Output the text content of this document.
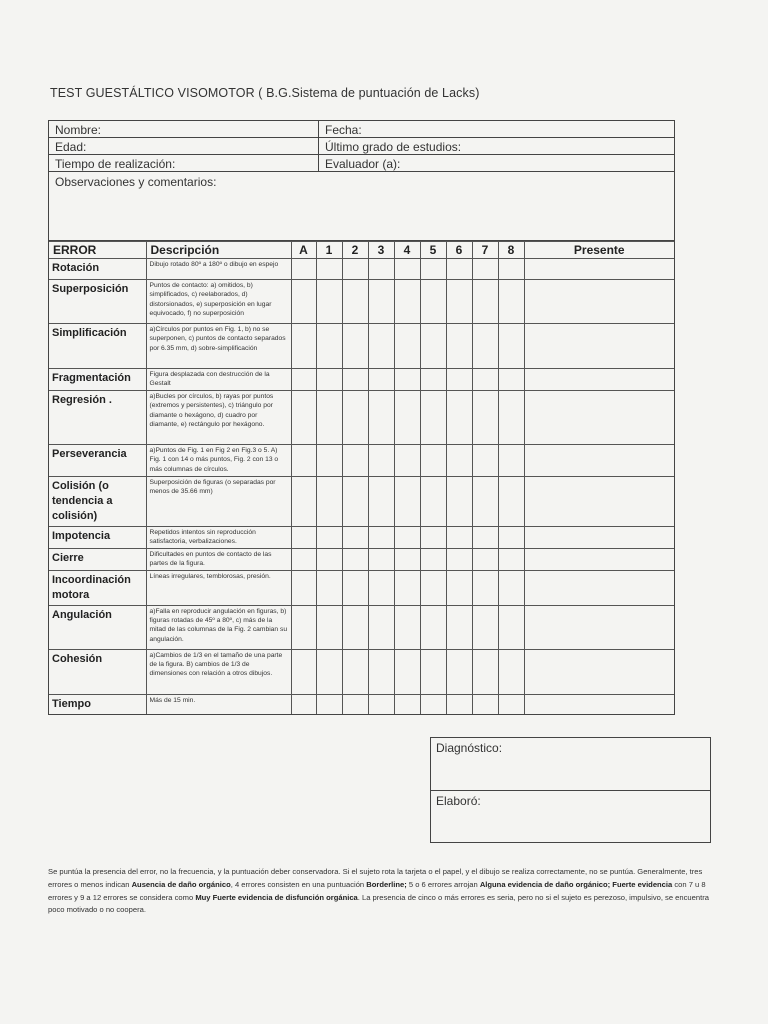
TEST GUESTÁLTICO VISOMOTOR ( B.G.Sistema de puntuación de Lacks)
Nombre:	Fecha:
Edad:	Último grado de estudios:
Tiempo de realización:	Evaluador (a):
Observaciones y comentarios:
ERROR	Descripción	A	1	2	3	4	5	6	7	8	Presente
Rotación	Dibujo rotado 80º a 180º o dibujo en espejo										
Superposición	Puntos de contacto: a) omitidos, b) simplificados, c) reelaborados, d) distorsionados, e) superposición en lugar equivocado, f) no superposición										
Simplificación	a)Círculos por puntos en Fig. 1, b) no se superponen, c) puntos de contacto separados por 6.35 mm, d) sobre-simplificación										
Fragmentación	Figura desplazada con destrucción de la Gestalt										
Regresión .	a)Bucles por círculos, b) rayas por puntos (extremos y persistentes), c) triángulo por diamante o hexágono, d) cuadro por diamante, e) rectángulo por hexágono.										
Perseverancia	a)Puntos de Fig. 1 en Fig 2 en Fig.3 o 5. A) Fig. 1 con 14 o más puntos, Fig. 2 con 13 o más columnas de círculos.										
Colisión (o tendencia a colisión)	Superposición de figuras (o separadas por menos de 35.66 mm)										
Impotencia	Repetidos intentos sin reproducción satisfactoria, verbalizaciones.										
Cierre	Dificultades en puntos de contacto de las partes de la figura.										
Incoordinación motora	Líneas irregulares, temblorosas, presión.										
Angulación	a)Falla en reproducir angulación en figuras, b) figuras rotadas de 45º a 80º, c) más de la mitad de las columnas de la Fig. 2 cambian su angulación.										
Cohesión	a)Cambios de 1/3 en el tamaño de una parte de la figura. B) cambios de 1/3 de dimensiones con relación a otros dibujos.										
Tiempo	Más de 15 min.										
Diagnóstico:
Elaboró:
Se puntúa la presencia del error, no la frecuencia, y la puntuación deber conservadora. Si el sujeto rota la tarjeta o el papel, y el dibujo se realiza correctamente, no se puntúa. Generalmente, tres errores o menos indican Ausencia de daño orgánico, 4 errores consisten en una puntuación Borderline; 5 o 6 errores arrojan Alguna evidencia de daño orgánico; Fuerte evidencia con 7 u 8 errores y 9 a 12 errores se considera como Muy Fuerte evidencia de disfunción orgánica. La presencia de cinco o más errores es seria, pero no si el sujeto es perezoso, impulsivo, se encuentra poco motivado o no coopera.
